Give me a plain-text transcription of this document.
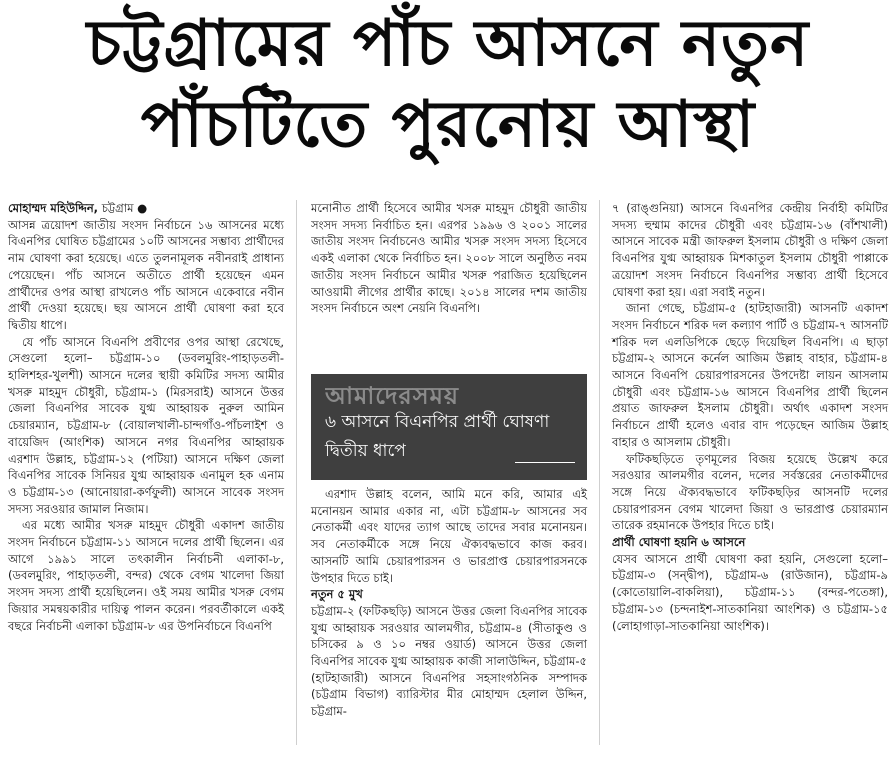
চট্টগ্রামের পাঁচ আসনে নতুন
পাঁচটিতে পুরনোয় আস্থা

মোহাম্মদ মহিউদ্দিন, চট্টগ্রাম ●

আসন্ন ত্রয়োদশ জাতীয় সংসদ নির্বাচনে ১৬ আসনের মধ্যে বিএনপির ঘোষিত চট্টগ্রামের ১০টি আসনের সম্ভাব্য প্রার্থীদের নাম ঘোষণা করা হয়েছে। এতে তুলনামূলক নবীনরাই প্রাধান্য পেয়েছেন। পাঁচ আসনে অতীতে প্রার্থী হয়েছেন এমন প্রার্থীদের ওপর আস্থা রাখলেও পাঁচ আসনে একেবারে নবীন প্রার্থী দেওয়া হয়েছে। ছয় আসনে প্রার্থী ঘোষণা করা হবে দ্বিতীয় ধাপে।

যে পাঁচ আসনে বিএনপি প্রবীণের ওপর আস্থা রেখেছে, সেগুলো হলো– চট্টগ্রাম-১০ (ডবলমুরিং-পাহাড়তলী-হালিশহর-খুলশী) আসনে দলের স্থায়ী কমিটির সদস্য আমীর খসরু মাহমুদ চৌধুরী, চট্টগ্রাম-১ (মিরসরাই) আসনে উত্তর জেলা বিএনপির সাবেক যুগ্ম আহ্বায়ক নুরুল আমিন চেয়ারম্যান, চট্টগ্রাম-৮ (বোয়ালখালী-চান্দগাঁও-পাঁচলাইশ ও বায়েজিদ (আংশিক) আসনে নগর বিএনপির আহ্বায়ক এরশাদ উল্লাহ, চট্টগ্রাম-১২ (পটিয়া) আসনে দক্ষিণ জেলা বিএনপির সাবেক সিনিয়র যুগ্ম আহ্বায়ক এনামুল হক এনাম ও চট্টগ্রাম-১৩ (আনোয়ারা-কর্ণফুলী) আসনে সাবেক সংসদ সদস্য সরওয়ার জামাল নিজাম।

এর মধ্যে আমীর খসরু মাহমুদ চৌধুরী একাদশ জাতীয় সংসদ নির্বাচনে চট্টগ্রাম-১১ আসনে দলের প্রার্থী ছিলেন। এর আগে ১৯৯১ সালে তৎকালীন নির্বাচনী এলাকা-৮, (ডবলমুরিং, পাহাড়তলী, বন্দর) থেকে বেগম খালেদা জিয়া সংসদ সদস্য প্রার্থী হয়েছিলেন। ওই সময় আমীর খসরু বেগম জিয়ার সমন্বয়কারীর দায়িত্ব পালন করেন। পরবর্তীকালে একই বছরে নির্বাচনী এলাকা চট্টগ্রাম-৮ এর উপনির্বাচনে বিএনপি

মনোনীত প্রার্থী হিসেবে আমীর খসরু মাহমুদ চৌধুরী জাতীয় সংসদ সদস্য নির্বাচিত হন। এরপর ১৯৯৬ ও ২০০১ সালের জাতীয় সংসদ নির্বাচনেও আমীর খসরু সংসদ সদস্য হিসেবে একই এলাকা থেকে নির্বাচিত হন। ২০০৮ সালে অনুষ্ঠিত নবম জাতীয় সংসদ নির্বাচনে আমীর খসরু পরাজিত হয়েছিলেন আওয়ামী লীগের প্রার্থীর কাছে। ২০১৪ সালের দশম জাতীয় সংসদ নির্বাচনে অংশ নেয়নি বিএনপি।

আমাদেরসময়
৬ আসনে বিএনপির প্রার্থী ঘোষণা দ্বিতীয় ধাপে

এরশাদ উল্লাহ বলেন, আমি মনে করি, আমার এই মনোনয়ন আমার একার না, এটা চট্টগ্রাম-৮ আসনের সব নেতাকর্মী এবং যাদের ত্যাগ আছে তাদের সবার মনোনয়ন। সব নেতাকর্মীকে সঙ্গে নিয়ে ঐক্যবদ্ধভাবে কাজ করব। আসনটি আমি চেয়ারপারসন ও ভারপ্রাপ্ত চেয়ারপারসনকে উপহার দিতে চাই।

নতুন ৫ মুখ

চট্টগ্রাম-২ (ফটিকছড়ি) আসনে উত্তর জেলা বিএনপির সাবেক যুগ্ম আহ্বায়ক সরওয়ার আলমগীর, চট্টগ্রাম-৪ (সীতাকুণ্ড ও চসিকের ৯ ও ১০ নম্বর ওয়ার্ড) আসনে উত্তর জেলা বিএনপির সাবেক যুগ্ম আহ্বায়ক কাজী সালাউদ্দিন, চট্টগ্রাম-৫ (হাটহাজারী) আসনে বিএনপির সহসাংগঠনিক সম্পাদক (চট্টগ্রাম বিভাগ) ব্যারিস্টার মীর মোহাম্মদ হেলাল উদ্দিন, চট্টগ্রাম-

৭ (রাঙ্গুনিয়া) আসনে বিএনপির কেন্দ্রীয় নির্বাহী কমিটির সদস্য হুম্মাম কাদের চৌধুরী এবং চট্টগ্রাম-১৬ (বাঁশখালী) আসনে সাবেক মন্ত্রী জাফরুল ইসলাম চৌধুরী ও দক্ষিণ জেলা বিএনপির যুগ্ম আহ্বায়ক মিশকাতুল ইসলাম চৌধুরী পাপ্পাকে ত্রয়োদশ সংসদ নির্বাচনে বিএনপির সম্ভাব্য প্রার্থী হিসেবে ঘোষণা করা হয়। এরা সবাই নতুন।

জানা গেছে, চট্টগ্রাম-৫ (হাটহাজারী) আসনটি একাদশ সংসদ নির্বাচনে শরিক দল কল্যাণ পার্টি ও চট্টগ্রাম-৭ আসনটি শরিক দল এলডিপিকে ছেড়ে দিয়েছিল বিএনপি। এ ছাড়া চট্টগ্রাম-২ আসনে কর্নেল আজিম উল্লাহ বাহার, চট্টগ্রাম-৪ আসনে বিএনপি চেয়ারপারসনের উপদেষ্টা লায়ন আসলাম চৌধুরী এবং চট্টগ্রাম-১৬ আসনে বিএনপির প্রার্থী ছিলেন প্রয়াত জাফরুল ইসলাম চৌধুরী। অর্থাৎ একাদশ সংসদ নির্বাচনে প্রার্থী হলেও এবার বাদ পড়েছেন আজিম উল্লাহ বাহার ও আসলাম চৌধুরী।

ফটিকছড়িতে তৃণমূলের বিজয় হয়েছে উল্লেখ করে সরওয়ার আলমগীর বলেন, দলের সর্বস্তরের নেতাকর্মীদের সঙ্গে নিয়ে ঐক্যবদ্ধভাবে ফটিকছড়ির আসনটি দলের চেয়ারপারসন বেগম খালেদা জিয়া ও ভারপ্রাপ্ত চেয়ারম্যান তারেক রহমানকে উপহার দিতে চাই।

প্রার্থী ঘোষণা হয়নি ৬ আসনে

যেসব আসনে প্রার্থী ঘোষণা করা হয়নি, সেগুলো হলো– চট্টগ্রাম-৩ (সন্দ্বীপ), চট্টগ্রাম-৬ (রাউজান), চট্টগ্রাম-৯ (কোতোয়ালি-বাকলিয়া), চট্টগ্রাম-১১ (বন্দর-পতেঙ্গা), চট্টগ্রাম-১৩ (চন্দনাইশ-সাতকানিয়া আংশিক) ও চট্টগ্রাম-১৫ (লোহাগাড়া-সাতকানিয়া আংশিক)।
